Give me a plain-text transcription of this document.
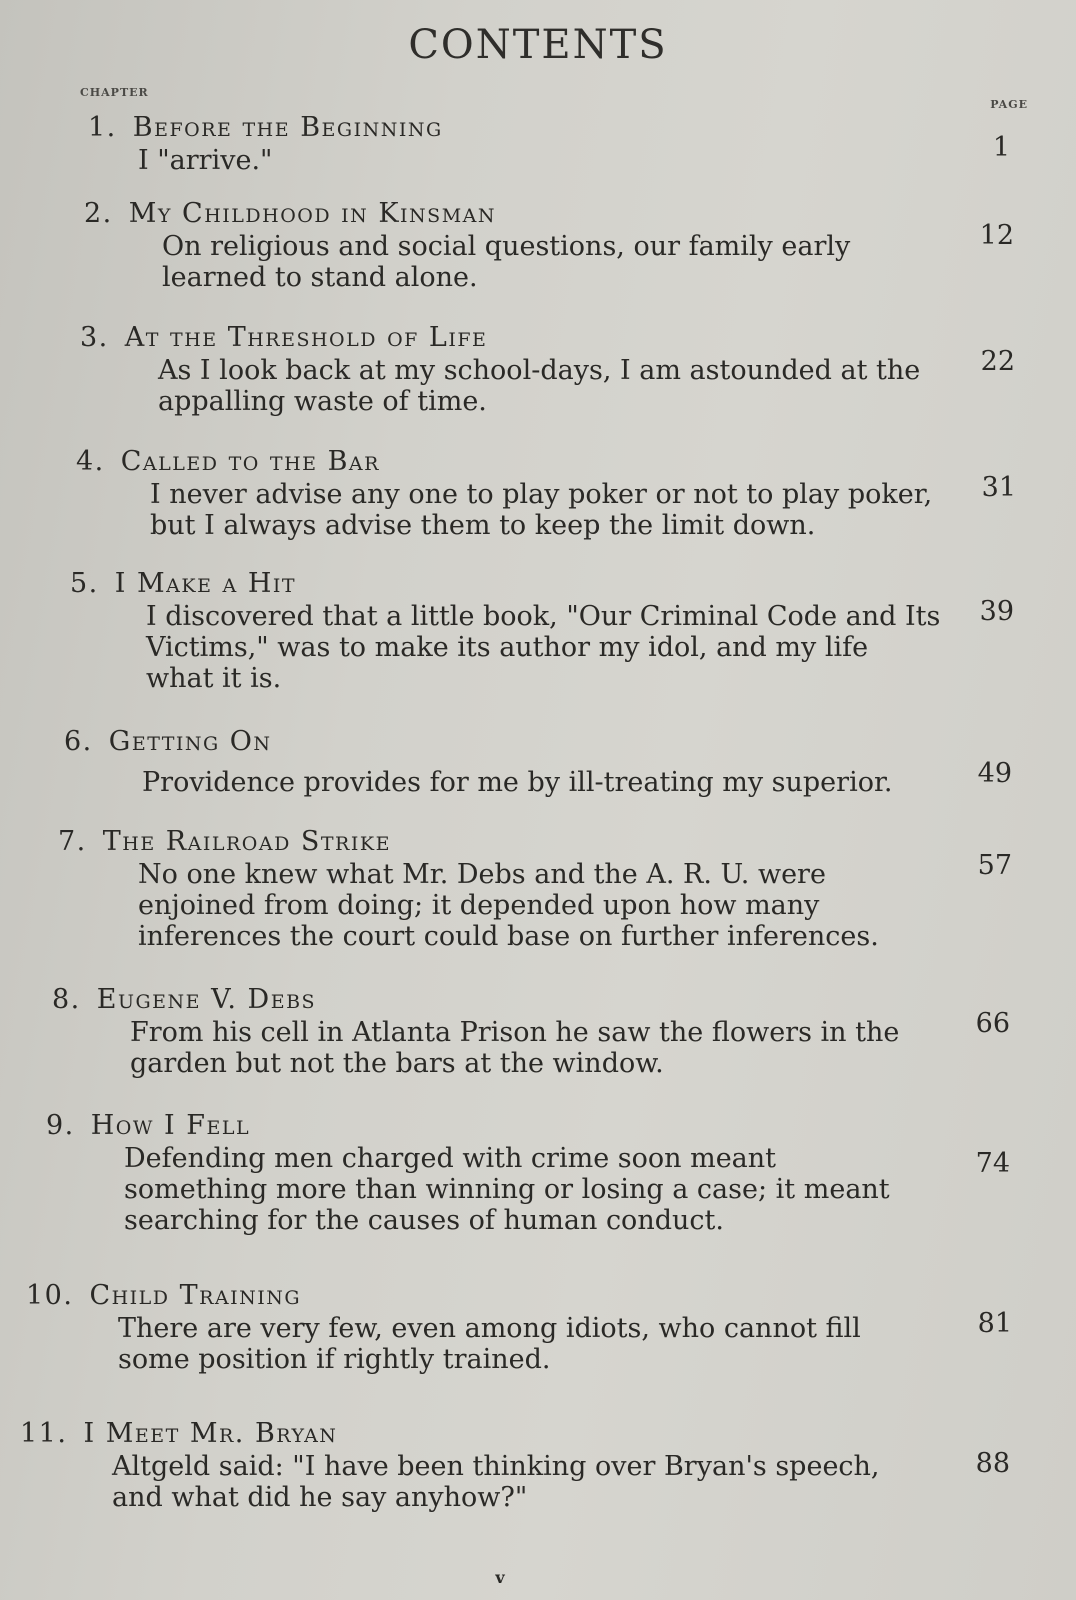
CONTENTS
CHAPTER
PAGE
1. Before the Beginning
I "arrive."	1
2. My Childhood in Kinsman
On religious and social questions, our family early learned to stand alone.
12
3. At the Threshold of Life
As I look back at my school-days, I am astounded at the appalling waste of time.
22
4. Called to the Bar
I never advise any one to play poker or not to play poker, but I always advise them to keep the limit down.
31
5. I Make a Hit
I discovered that a little book, "Our Criminal Code and Its Victims," was to make its author my idol, and my life what it is.
39
6. Getting On
Providence provides for me by ill-treating my superior.	49
7. The Railroad Strike
No one knew what Mr. Debs and the A. R. U. were enjoined from doing; it depended upon how many inferences the court could base on further inferences.
57
8. Eugene V. Debs
From his cell in Atlanta Prison he saw the flowers in the garden but not the bars at the window.
66
9. How I Fell
Defending men charged with crime soon meant something more than winning or losing a case; it meant searching for the causes of human conduct.
74
10. Child Training
There are very few, even among idiots, who cannot fill some position if rightly trained.
81
11. I Meet Mr. Bryan
Altgeld said: "I have been thinking over Bryan's speech, and what did he say anyhow?"
88
v
